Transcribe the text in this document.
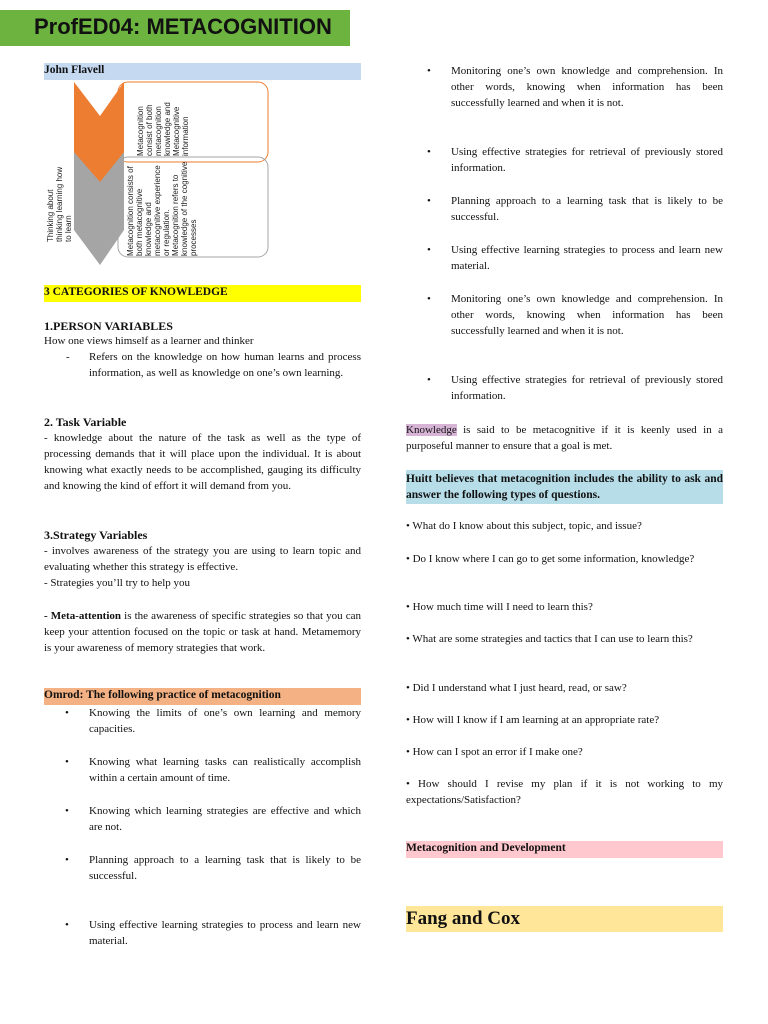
ProfED04: METACOGNITION
John Flavell
Metacognition consist of both metacognition knowledge and Metacognitive information
Metacognition consists of both metacognitive knowledge and metacognitive experience or regulation. Metacognition refers to knowledge of the cognitive processes
Thinking about thinking learning how to learn
3 CATEGORIES OF KNOWLEDGE
1.PERSON VARIABLES
How one views himself as a learner and thinker
- Refers on the knowledge on how human learns and process information, as well as knowledge on one’s own learning.
2. Task Variable
- knowledge about the nature of the task as well as the type of processing demands that it will place upon the individual. It is about knowing what exactly needs to be accomplished, gauging its difficulty and knowing the kind of effort it will demand from you.
3.Strategy Variables
- involves awareness of the strategy you are using to learn topic and evaluating whether this strategy is effective.
- Strategies you’ll try to help you
- Meta-attention is the awareness of specific strategies so that you can keep your attention focused on the topic or task at hand. Metamemory is your awareness of memory strategies that work.
Omrod: The following practice of metacognition
• Knowing the limits of one’s own learning and memory capacities.
• Knowing what learning tasks can realistically accomplish within a certain amount of time.
• Knowing which learning strategies are effective and which are not.
• Planning approach to a learning task that is likely to be successful.
• Using effective learning strategies to process and learn new material.
• Monitoring one’s own knowledge and comprehension. In other words, knowing when information has been successfully learned and when it is not.
• Using effective strategies for retrieval of previously stored information.
• Planning approach to a learning task that is likely to be successful.
• Using effective learning strategies to process and learn new material.
• Monitoring one’s own knowledge and comprehension. In other words, knowing when information has been successfully learned and when it is not.
• Using effective strategies for retrieval of previously stored information.
Knowledge is said to be metacognitive if it is keenly used in a purposeful manner to ensure that a goal is met.
Huitt believes that metacognition includes the ability to ask and answer the following types of questions.
• What do I know about this subject, topic, and issue?
• Do I know where I can go to get some information, knowledge?
• How much time will I need to learn this?
• What are some strategies and tactics that I can use to learn this?
• Did I understand what I just heard, read, or saw?
• How will I know if I am learning at an appropriate rate?
• How can I spot an error if I make one?
• How should I revise my plan if it is not working to my expectations/Satisfaction?
Metacognition and Development
Fang and Cox
